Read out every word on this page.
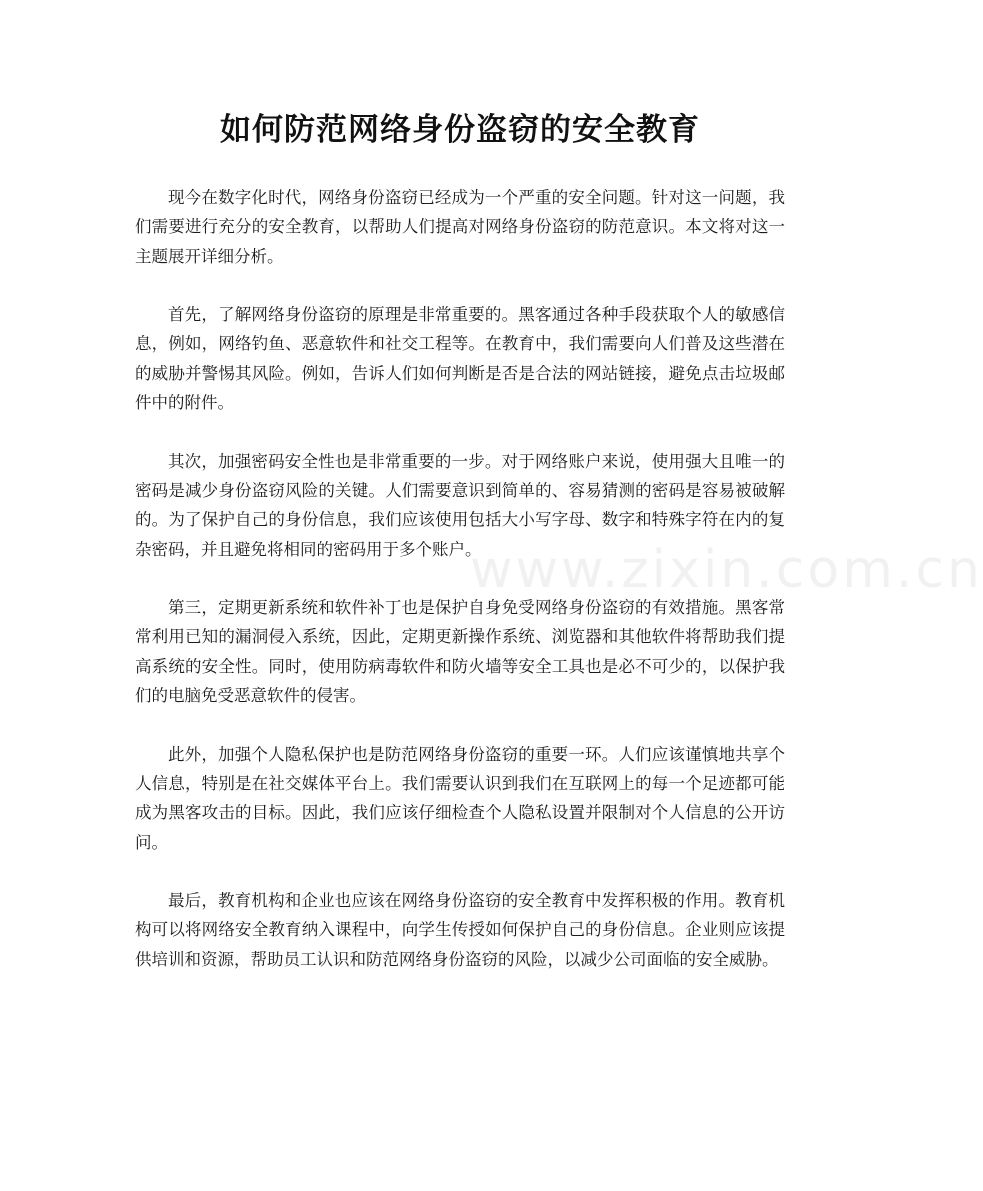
如何防范网络身份盗窃的安全教育

现今在数字化时代，网络身份盗窃已经成为一个严重的安全问题。针对这一问题，我们需要进行充分的安全教育，以帮助人们提高对网络身份盗窃的防范意识。本文将对这一主题展开详细分析。

首先，了解网络身份盗窃的原理是非常重要的。黑客通过各种手段获取个人的敏感信息，例如，网络钓鱼、恶意软件和社交工程等。在教育中，我们需要向人们普及这些潜在的威胁并警惕其风险。例如，告诉人们如何判断是否是合法的网站链接，避免点击垃圾邮件中的附件。

其次，加强密码安全性也是非常重要的一步。对于网络账户来说，使用强大且唯一的密码是减少身份盗窃风险的关键。人们需要意识到简单的、容易猜测的密码是容易被破解的。为了保护自己的身份信息，我们应该使用包括大小写字母、数字和特殊字符在内的复杂密码，并且避免将相同的密码用于多个账户。

第三，定期更新系统和软件补丁也是保护自身免受网络身份盗窃的有效措施。黑客常常利用已知的漏洞侵入系统，因此，定期更新操作系统、浏览器和其他软件将帮助我们提高系统的安全性。同时，使用防病毒软件和防火墙等安全工具也是必不可少的，以保护我们的电脑免受恶意软件的侵害。

此外，加强个人隐私保护也是防范网络身份盗窃的重要一环。人们应该谨慎地共享个人信息，特别是在社交媒体平台上。我们需要认识到我们在互联网上的每一个足迹都可能成为黑客攻击的目标。因此，我们应该仔细检查个人隐私设置并限制对个人信息的公开访问。

最后，教育机构和企业也应该在网络身份盗窃的安全教育中发挥积极的作用。教育机构可以将网络安全教育纳入课程中，向学生传授如何保护自己的身份信息。企业则应该提供培训和资源，帮助员工认识和防范网络身份盗窃的风险，以减少公司面临的安全威胁。

www.zixin.com.cn
